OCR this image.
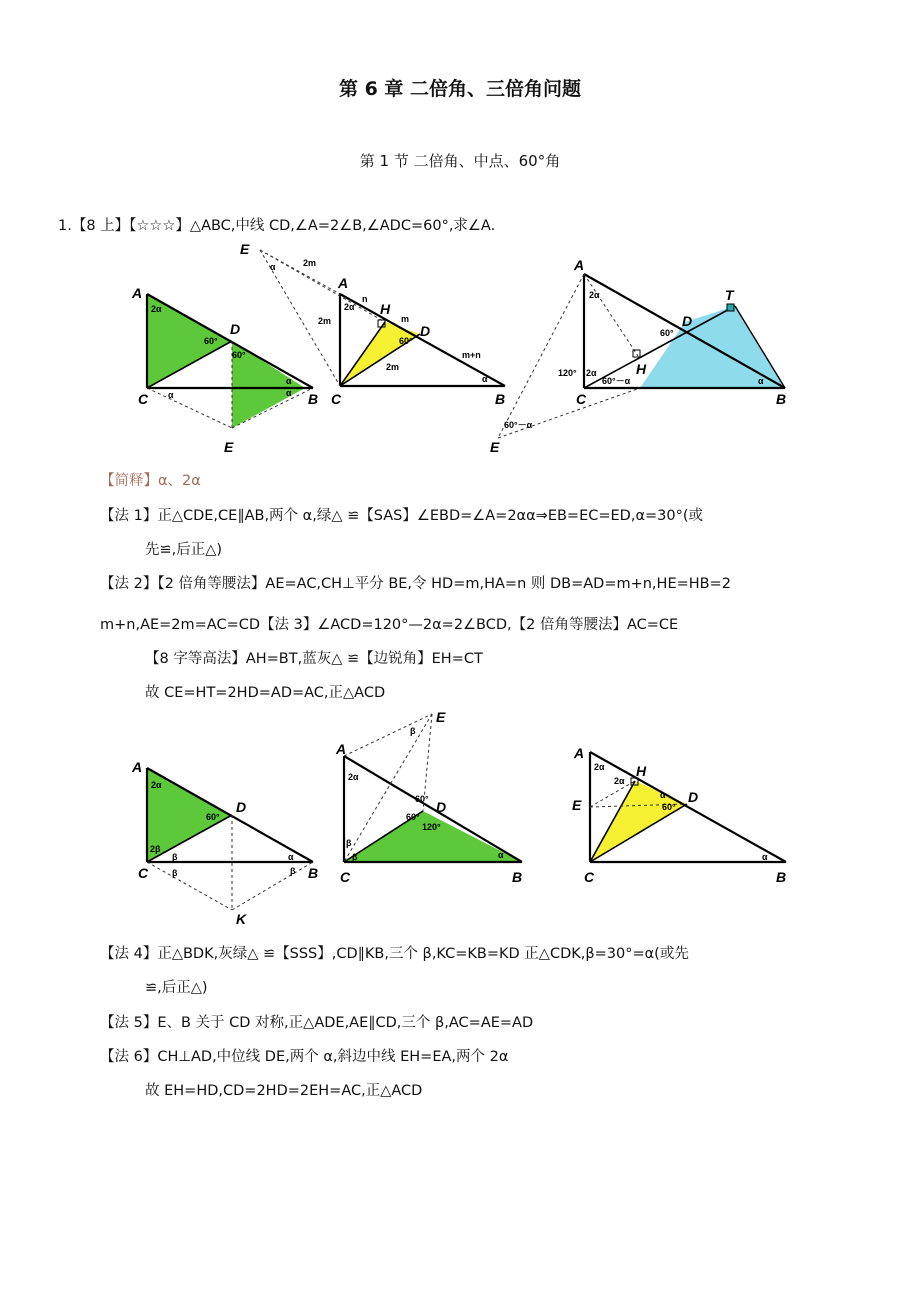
第 6 章 二倍角、三倍角问题
第 1 节 二倍角、中点、60°角
1.【8 上】【☆☆☆】△ABC,中线 CD,∠A=2∠B,∠ADC=60°,求∠A.
A
D
C	B
E
2α
60°
60°
α
α
α
E
A
H
D
C	B
2m
α
2m
2α
n
m
60°
2m
m+n
α
A
T
D
H
C	B
E
2α
60°
120° 2α
60°－α	α
60°－α
【简释】α、2α
【法 1】正△CDE,CE∥AB,两个 α,绿△ ≌【SAS】∠EBD=∠A=2αα⇒EB=EC=ED,α=30°(或
先≌,后正△)
【法 2】【2 倍角等腰法】AE=AC,CH⊥平分 BE,令 HD=m,HA=n 则 DB=AD=m+n,HE=HB=2
m+n,AE=2m=AC=CD【法 3】∠ACD=120°—2α=2∠BCD,【2 倍角等腰法】AC=CE
【8 字等高法】AH=BT,蓝灰△ ≌【边锐角】EH=CT
故 CE=HT=2HD=AD=AC,正△ACD
A
D
C	B
K
2α
60°
2β
β
β
α
β
A
E
D
C	B
2α
β
60°
60°
120°
β
β	α
A
H
E	D
C	B
2α
2α
α
60°
α
【法 4】正△BDK,灰绿△ ≌【SSS】,CD∥KB,三个 β,KC=KB=KD 正△CDK,β=30°=α(或先
≌,后正△)
【法 5】E、B 关于 CD 对称,正△ADE,AE∥CD,三个 β,AC=AE=AD
【法 6】CH⊥AD,中位线 DE,两个 α,斜边中线 EH=EA,两个 2α
故 EH=HD,CD=2HD=2EH=AC,正△ACD
